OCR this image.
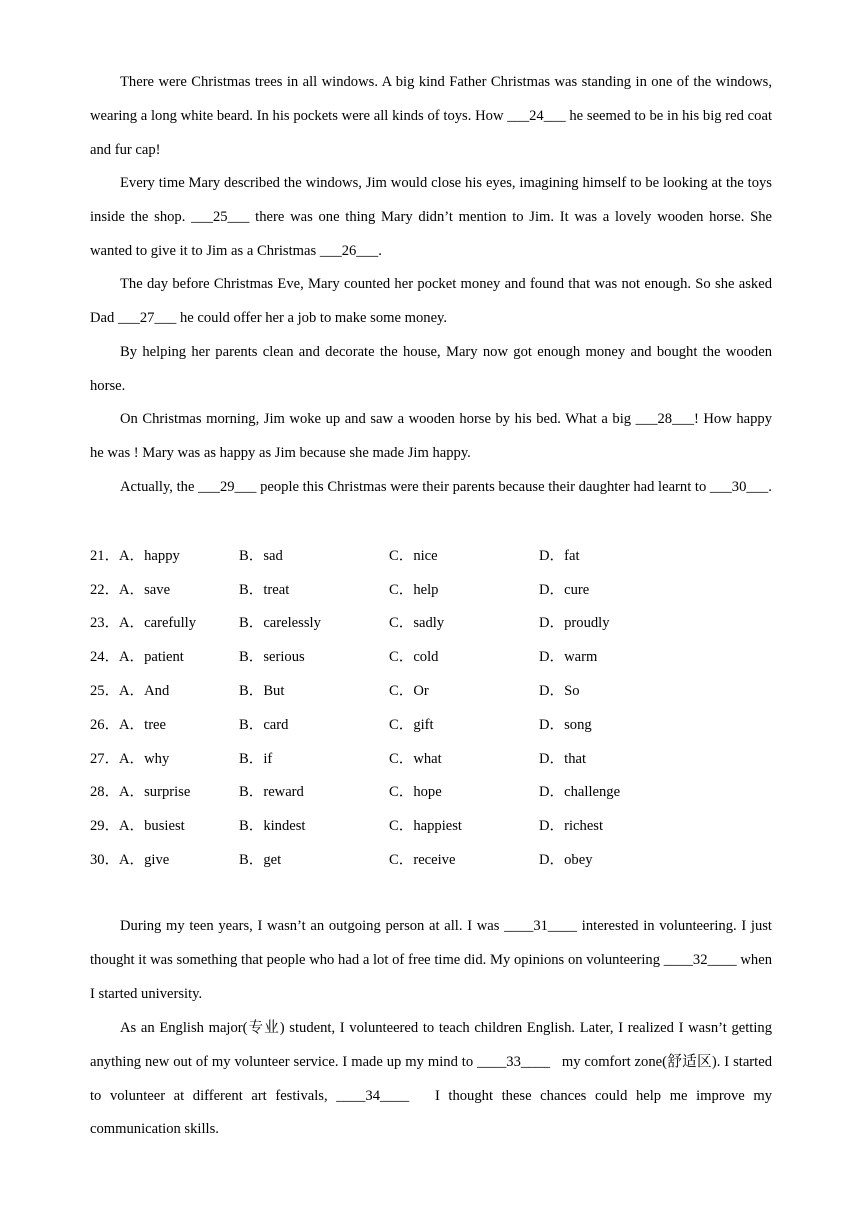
There were Christmas trees in all windows. A big kind Father Christmas was standing in one of the windows, wearing a long white beard. In his pockets were all kinds of toys. How ___24___ he seemed to be in his big red coat and fur cap!

Every time Mary described the windows, Jim would close his eyes, imagining himself to be looking at the toys inside the shop. ___25___ there was one thing Mary didn’t mention to Jim. It was a lovely wooden horse. She wanted to give it to Jim as a Christmas ___26___.

The day before Christmas Eve, Mary counted her pocket money and found that was not enough. So she asked Dad ___27___ he could offer her a job to make some money.

By helping her parents clean and decorate the house, Mary now got enough money and bought the wooden horse.

On Christmas morning, Jim woke up and saw a wooden horse by his bed. What a big ___28___! How happy he was ! Mary was as happy as Jim because she made Jim happy.

Actually, the ___29___ people this Christmas were their parents because their daughter had learnt to ___30___.

21． A．happy	B．sad	C．nice	D．fat
22． A．save	B．treat	C．help	D．cure
23． A．carefully	B．carelessly	C．sadly	D．proudly
24． A．patient	B．serious	C．cold	D．warm
25． A．And	B．But	C．Or	D．So
26． A．tree	B．card	C．gift	D．song
27． A．why	B．if	C．what	D．that
28． A．surprise	B．reward	C．hope	D．challenge
29． A．busiest	B．kindest	C．happiest	D．richest
30． A．give	B．get	C．receive	D．obey

During my teen years, I wasn’t an outgoing person at all. I was ____31____ interested in volunteering. I just thought it was something that people who had a lot of free time did. My opinions on volunteering ____32____ when I started university.

As an English major(专业) student, I volunteered to teach children English. Later, I realized I wasn’t getting anything new out of my volunteer service. I made up my mind to ____33____   my comfort zone(舒适区). I started to volunteer at different art festivals, ____34____   I thought these chances could help me improve my communication skills.
